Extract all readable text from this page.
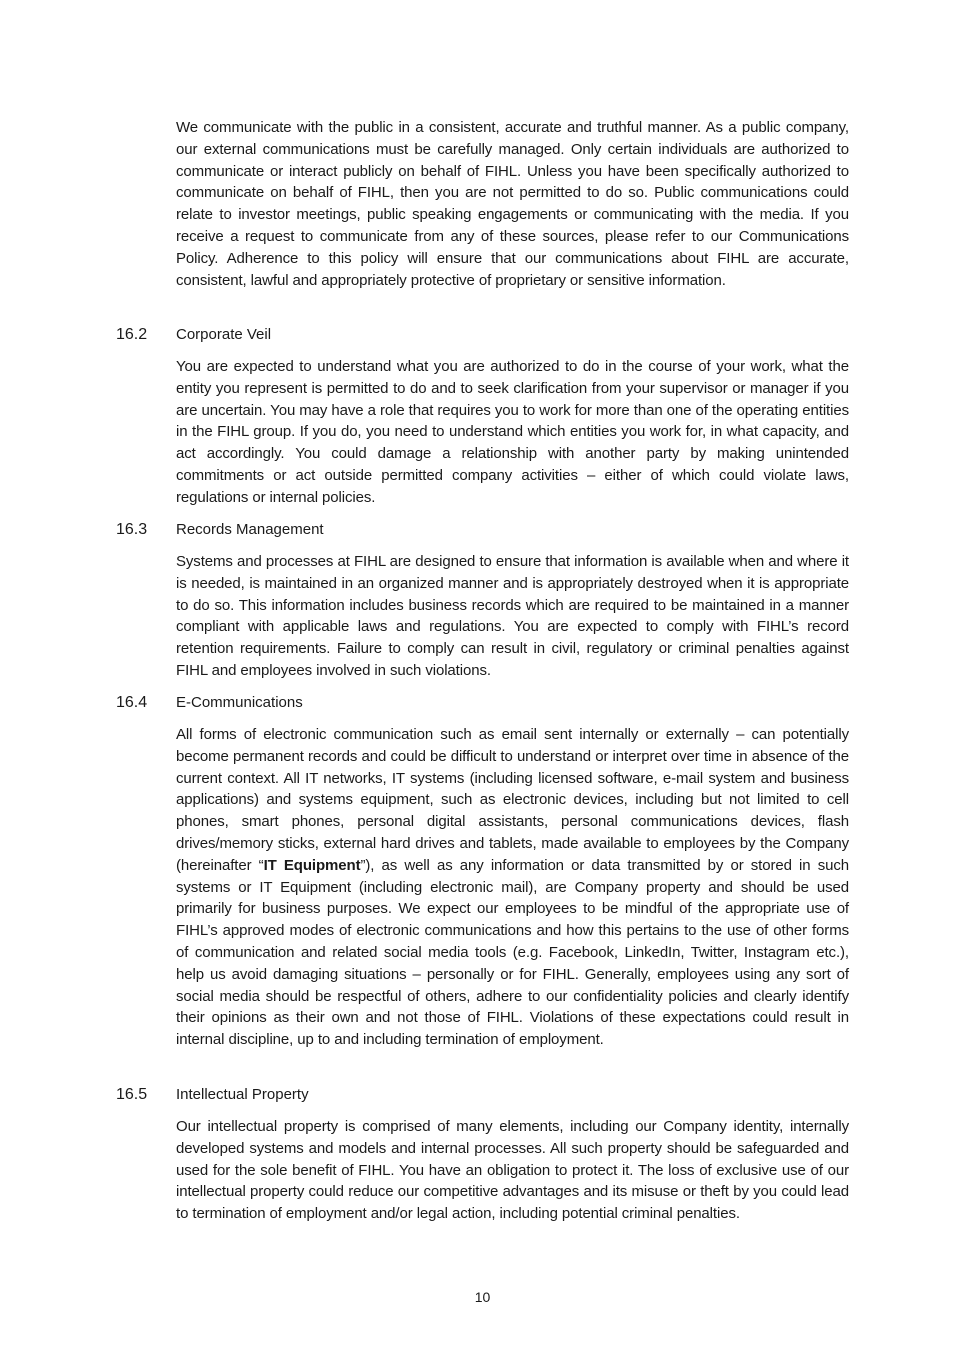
We communicate with the public in a consistent, accurate and truthful manner. As a public company, our external communications must be carefully managed. Only certain individuals are authorized to communicate or interact publicly on behalf of FIHL. Unless you have been specifically authorized to communicate on behalf of FIHL, then you are not permitted to do so. Public communications could relate to investor meetings, public speaking engagements or communicating with the media. If you receive a request to communicate from any of these sources, please refer to our Communications Policy. Adherence to this policy will ensure that our communications about FIHL are accurate, consistent, lawful and appropriately protective of proprietary or sensitive information.

16.2 Corporate Veil

You are expected to understand what you are authorized to do in the course of your work, what the entity you represent is permitted to do and to seek clarification from your supervisor or manager if you are uncertain. You may have a role that requires you to work for more than one of the operating entities in the FIHL group. If you do, you need to understand which entities you work for, in what capacity, and act accordingly. You could damage a relationship with another party by making unintended commitments or act outside permitted company activities – either of which could violate laws, regulations or internal policies.

16.3 Records Management

Systems and processes at FIHL are designed to ensure that information is available when and where it is needed, is maintained in an organized manner and is appropriately destroyed when it is appropriate to do so. This information includes business records which are required to be maintained in a manner compliant with applicable laws and regulations. You are expected to comply with FIHL’s record retention requirements. Failure to comply can result in civil, regulatory or criminal penalties against FIHL and employees involved in such violations.

16.4 E-Communications

All forms of electronic communication such as email sent internally or externally – can potentially become permanent records and could be difficult to understand or interpret over time in absence of the current context. All IT networks, IT systems (including licensed software, e-mail system and business applications) and systems equipment, such as electronic devices, including but not limited to cell phones, smart phones, personal digital assistants, personal communications devices, flash drives/memory sticks, external hard drives and tablets, made available to employees by the Company (hereinafter “IT Equipment”), as well as any information or data transmitted by or stored in such systems or IT Equipment (including electronic mail), are Company property and should be used primarily for business purposes. We expect our employees to be mindful of the appropriate use of FIHL’s approved modes of electronic communications and how this pertains to the use of other forms of communication and related social media tools (e.g. Facebook, LinkedIn, Twitter, Instagram etc.), help us avoid damaging situations – personally or for FIHL. Generally, employees using any sort of social media should be respectful of others, adhere to our confidentiality policies and clearly identify their opinions as their own and not those of FIHL. Violations of these expectations could result in internal discipline, up to and including termination of employment.

16.5 Intellectual Property

Our intellectual property is comprised of many elements, including our Company identity, internally developed systems and models and internal processes. All such property should be safeguarded and used for the sole benefit of FIHL. You have an obligation to protect it. The loss of exclusive use of our intellectual property could reduce our competitive advantages and its misuse or theft by you could lead to termination of employment and/or legal action, including potential criminal penalties.

10
